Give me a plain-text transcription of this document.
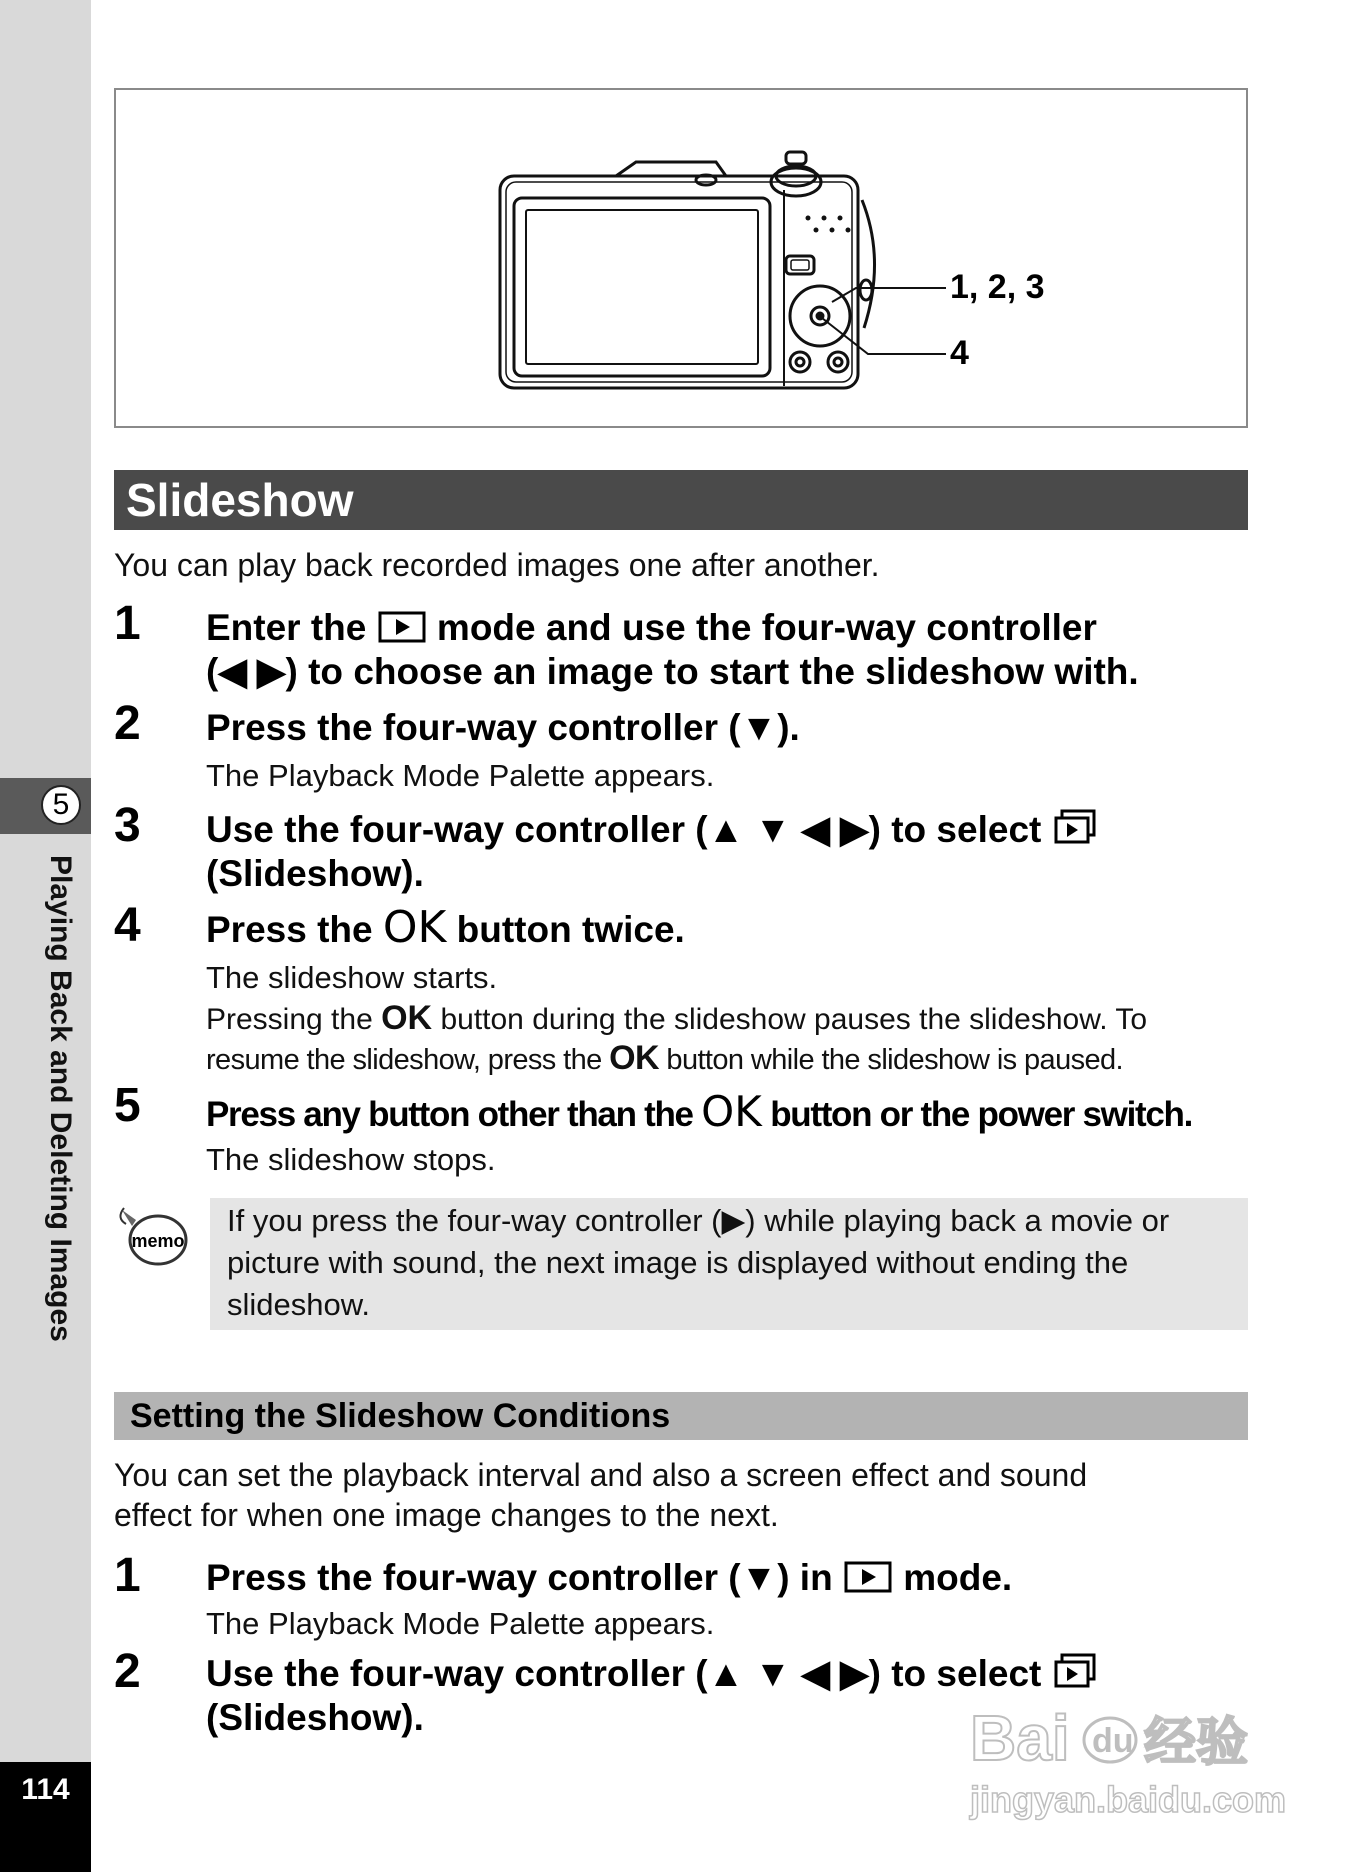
5
Playing Back and Deleting Images
114
1, 2, 3
4
Slideshow
You can play back recorded images one after another.
1 Enter the mode and use the four-way controller
(◀ ▶) to choose an image to start the slideshow with.
2 Press the four-way controller (▼).
The Playback Mode Palette appears.
3 Use the four-way controller (▲ ▼ ◀ ▶) to select
(Slideshow).
4 Press the OK button twice.
The slideshow starts.
Pressing the OK button during the slideshow pauses the slideshow. To
resume the slideshow, press the OK button while the slideshow is paused.
5 Press any button other than the OK button or the power switch.
The slideshow stops.
memo
If you press the four-way controller (▶) while playing back a movie or picture with sound, the next image is displayed without ending the slideshow.
Setting the Slideshow Conditions
You can set the playback interval and also a screen effect and sound
effect for when one image changes to the next.
1 Press the four-way controller (▼) in mode.
The Playback Mode Palette appears.
2 Use the four-way controller (▲ ▼ ◀ ▶) to select
(Slideshow).	Bai du 经验
jingyan.baidu.com
